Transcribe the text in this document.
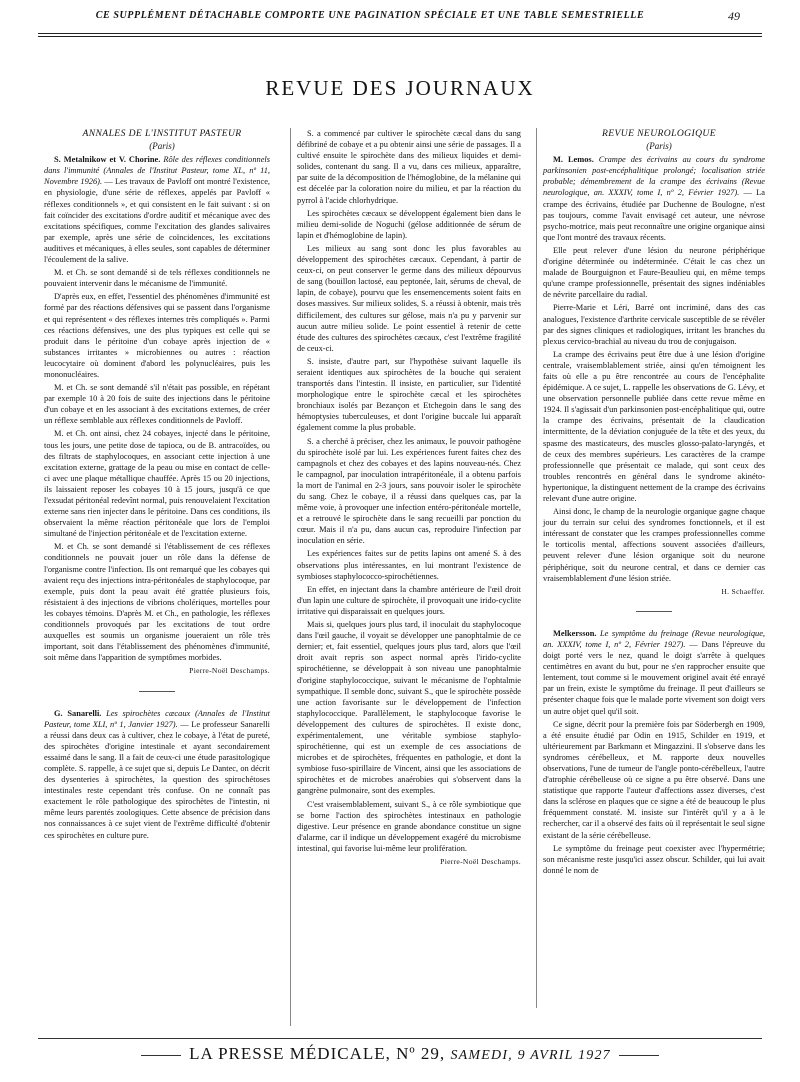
CE SUPPLÉMENT DÉTACHABLE COMPORTE UNE PAGINATION SPÉCIALE ET UNE TABLE SEMESTRIELLE	49
REVUE DES JOURNAUX

ANNALES DE L'INSTITUT PASTEUR

(Paris)

S. Metalnikow et V. Chorine. Rôle des réflexes conditionnels dans l'immunité (Annales de l'Institut Pasteur, tome XL, nº 11, Novembre 1926). — Les travaux de Pavloff ont montré l'existence, en physiologie, d'une série de réflexes, appelés par Pavloff « réflexes conditionnels », et qui consistent en le fait suivant : si on fait coïncider des excitations d'ordre auditif et mécanique avec des excitations spécifiques, comme l'excitation des glandes salivaires par exemple, après une série de coïncidences, les excitations auditives et mécaniques, à elles seules, sont capables de déterminer l'écoulement de la salive.

M. et Ch. se sont demandé si de tels réflexes conditionnels ne pouvaient intervenir dans le mécanisme de l'immunité.

D'après eux, en effet, l'essentiel des phénomènes d'immunité est formé par des réactions défensives qui se passent dans l'organisme et qui représentent « des réflexes internes très compliqués ». Parmi ces réactions défensives, une des plus typiques est celle qui se produit dans le péritoine d'un cobaye après injection de « substances irritantes » microbiennes ou autres : réaction leucocytaire où dominent d'abord les polynucléaires, puis les mononucléaires.

M. et Ch. se sont demandé s'il n'était pas possible, en répétant par exemple 10 à 20 fois de suite des injections dans le péritoine d'un cobaye et en les associant à des excitations externes, de créer un réflexe semblable aux réflexes conditionnels de Pavloff.

M. et Ch. ont ainsi, chez 24 cobayes, injecté dans le péritoine, tous les jours, une petite dose de tapioca, ou de B. antracoïdes, ou des filtrats de staphylocoques, en associant cette injection à une excitation externe, grattage de la peau ou mise en contact de celle-ci avec une plaque métallique chauffée. Après 15 ou 20 injections, ils laissaient reposer les cobayes 10 à 15 jours, jusqu'à ce que l'exsudat péritonéal redevînt normal, puis renouvelaient l'excitation externe sans rien injecter dans le péritoine. Dans ces conditions, ils observaient la même réaction péritonéale que lors de l'emploi simultané de l'injection péritonéale et de l'excitation externe.

M. et Ch. se sont demandé si l'établissement de ces réflexes conditionnels ne pouvait jouer un rôle dans la défense de l'organisme contre l'infection. Ils ont remarqué que les cobayes qui avaient reçu des injections intra-péritonéales de staphylocoque, par exemple, puis dont la peau avait été grattée plusieurs fois, résistaient à des injections de vibrions cholériques, mortelles pour les cobayes témoins. D'après M. et Ch., en pathologie, les réflexes conditionnels provoqués par les excitations de tout ordre auxquelles est soumis un organisme joueraient un rôle très important, soit dans l'établissement des phénomènes d'immunité, soit même dans l'apparition de symptômes morbides.

Pierre-Noël Deschamps.

G. Sanarelli. Les spirochètes cæcaux (Annales de l'Institut Pasteur, tome XLI, nº 1, Janvier 1927). — Le professeur Sanarelli a réussi dans deux cas à cultiver, chez le cobaye, à l'état de pureté, des spirochètes d'origine intestinale et ayant secondairement essaimé dans le sang. Il a fait de ceux-ci une étude parasitologique complète. S. rappelle, à ce sujet que si, depuis Le Dantec, on décrit des dysenteries à spirochètes, la question des spirochétoses intestinales reste cependant très confuse. On ne connaît pas exactement le rôle pathologique des spirochètes de l'intestin, ni même leurs parentés zoologiques. Cette absence de précision dans nos connaissances à ce sujet vient de l'extrême difficulté d'obtenir ces spirochètes en culture pure.

S. a commencé par cultiver le spirochète cæcal dans du sang défibriné de cobaye et a pu obtenir ainsi une série de passages. Il a cultivé ensuite le spirochète dans des milieux liquides et demi-solides, contenant du sang. Il a vu, dans ces milieux, apparaître, par suite de la décomposition de l'hémoglobine, de la mélanine qui est décelée par la coloration noire du milieu, et par la réaction du pyrrol à l'acide chlorhydrique.

Les spirochètes cæcaux se développent également bien dans le milieu demi-solide de Noguchi (gélose additionnée de sérum de lapin et d'hémoglobine de lapin).

Les milieux au sang sont donc les plus favorables au développement des spirochètes cæcaux. Cependant, à partir de ceux-ci, on peut conserver le germe dans des milieux dépourvus de sang (bouillon lactosé, eau peptonée, lait, sérums de cheval, de lapin, de cobaye), pourvu que les ensemencements soient faits en doses massives. Sur milieux solides, S. a réussi à obtenir, mais très difficilement, des cultures sur gélose, mais n'a pu y parvenir sur aucun autre milieu solide. Le point essentiel à retenir de cette étude des cultures des spirochètes cæcaux, c'est l'extrême fragilité de ceux-ci.

S. insiste, d'autre part, sur l'hypothèse suivant laquelle ils seraient identiques aux spirochètes de la bouche qui seraient transportés dans l'intestin. Il insiste, en particulier, sur l'identité morphologique entre le spirochète cæcal et les spirochètes bronchiaux isolés par Bezançon et Etchegoin dans le sang des hémoptysies tuberculeuses, et dont l'origine buccale lui apparaît également comme la plus probable.

S. a cherché à préciser, chez les animaux, le pouvoir pathogène du spirochète isolé par lui. Les expériences furent faites chez des campagnols et chez des cobayes et des lapins nouveau-nés. Chez le campagnol, par inoculation intrapéritonéale, il a obtenu parfois la mort de l'animal en 2-3 jours, sans pouvoir isoler le spirochète du sang. Chez le cobaye, il a réussi dans quelques cas, par la même voie, à provoquer une infection entéro-péritonéale mortelle, et a retrouvé le spirochète dans le sang recueilli par ponction du cœur. Mais il n'a pu, dans aucun cas, reproduire l'infection par inoculation en série.

Les expériences faites sur de petits lapins ont amené S. à des observations plus intéressantes, en lui montrant l'existence de symbioses staphylococco-spirochétiennes.

En effet, en injectant dans la chambre antérieure de l'œil droit d'un lapin une culture de spirochète, il provoquait une irido-cyclite irritative qui disparaissait en quelques jours.

Mais si, quelques jours plus tard, il inoculait du staphylocoque dans l'œil gauche, il voyait se développer une panophtalmie de ce dernier; et, fait essentiel, quelques jours plus tard, alors que l'œil droit avait repris son aspect normal après l'irido-cyclite spirochétienne, se développait à son niveau une panophtalmie d'origine staphylococcique, suivant le mécanisme de l'ophtalmie sympathique. Il semble donc, suivant S., que le spirochète possède une action favorisante sur le développement de l'infection staphylococcique. Parallèlement, le staphylocoque favorise le développement des cultures de spirochètes. Il existe donc, expérimentalement, une véritable symbiose staphylo-spirochétienne, qui est un exemple de ces associations de microbes et de spirochètes, fréquentes en pathologie, et dont la symbiose fuso-spirillaire de Vincent, ainsi que les associations de spirochètes et de microbes anaérobies qui s'observent dans la gangrène pulmonaire, sont des exemples.

C'est vraisemblablement, suivant S., à ce rôle symbiotique que se borne l'action des spirochètes intestinaux en pathologie digestive. Leur présence en grande abondance constitue un signe d'alarme, car il indique un développement exagéré du microbisme intestinal, qui favorise lui-même leur prolifération.

Pierre-Noël Deschamps.

REVUE NEUROLOGIQUE

(Paris)

M. Lemos. Crampe des écrivains au cours du syndrome parkinsonien post-encéphalitique prolongé; localisation striée probable; démembrement de la crampe des écrivains (Revue neurologique, an. XXXIV, tome I, nº 2, Février 1927). — La crampe des écrivains, étudiée par Duchenne de Boulogne, n'est pas toujours, comme l'avait envisagé cet auteur, une névrose psycho-motrice, mais peut reconnaître une origine organique ainsi que l'ont montré des travaux récents.

Elle peut relever d'une lésion du neurone périphérique d'origine déterminée ou indéterminée. C'était le cas chez un malade de Bourguignon et Faure-Beaulieu qui, en même temps qu'une crampe professionnelle, présentait des signes indéniables de névrite parcellaire du radial.

Pierre-Marie et Léri, Barré ont incriminé, dans des cas analogues, l'existence d'arthrite cervicale susceptible de se révéler par des signes cliniques et radiologiques, irritant les branches du plexus cervico-brachial au niveau du trou de conjugaison.

La crampe des écrivains peut être due à une lésion d'origine centrale, vraisemblablement striée, ainsi qu'en témoignent les faits où elle a pu être rencontrée au cours de l'encéphalite épidémique. A ce sujet, L. rappelle les observations de G. Lévy, et une observation personnelle publiée dans cette revue même en 1924. Il s'agissait d'un parkinsonien post-encéphalitique qui, outre la crampe des écrivains, présentait de la claudication intermittente, de la déviation conjuguée de la tête et des yeux, du spasme des masticateurs, des muscles glosso-palato-laryngés, et de ceux des membres supérieurs. Les caractères de la crampe professionnelle que présentait ce malade, qui sont ceux des troubles rencontrés en général dans le syndrome akinéto-hypertonique, la distinguent nettement de la crampe des écrivains relevant d'une autre origine.

Ainsi donc, le champ de la neurologie organique gagne chaque jour du terrain sur celui des syndromes fonctionnels, et il est intéressant de constater que les crampes professionnelles comme le torticolis mental, affections souvent associées d'ailleurs, peuvent relever d'une lésion organique soit du neurone périphérique, soit du neurone central, et dans ce dernier cas vraisemblablement d'une lésion striée.

H. Schaeffer.

Melkersson. Le symptôme du freinage (Revue neurologique, an. XXXIV, tome I, nº 2, Février 1927). — Dans l'épreuve du doigt porté vers le nez, quand le doigt s'arrête à quelques centimètres en avant du but, pour ne s'en rapprocher ensuite que lentement, tout comme si le mouvement originel avait été enrayé par un frein, existe le symptôme du freinage. Il peut d'ailleurs se présenter chaque fois que le malade porte vivement son doigt vers un autre objet quel qu'il soit.

Ce signe, décrit pour la première fois par Söderbergh en 1909, a été ensuite étudié par Odin en 1915, Schilder en 1919, et ultérieurement par Barkmann et Mingazzini. Il s'observe dans les syndromes cérébelleux, et M. rapporte deux nouvelles observations, l'une de tumeur de l'angle ponto-cérébelleux, l'autre d'atrophie cérébelleuse où ce signe a pu être observé. Dans une statistique que rapporte l'auteur d'affections assez diverses, c'est dans la sclérose en plaques que ce signe a été de beaucoup le plus fréquemment constaté. M. insiste sur l'intérêt qu'il y a à le rechercher, car il a observé des faits où il représentait le seul signe existant de la série cérébelleuse.

Le symptôme du freinage peut coexister avec l'hypermétrie; son mécanisme reste jusqu'ici assez obscur. Schilder, qui lui avait donné le nom de

LA PRESSE MÉDICALE, Nº 29, SAMEDI, 9 AVRIL 1927
